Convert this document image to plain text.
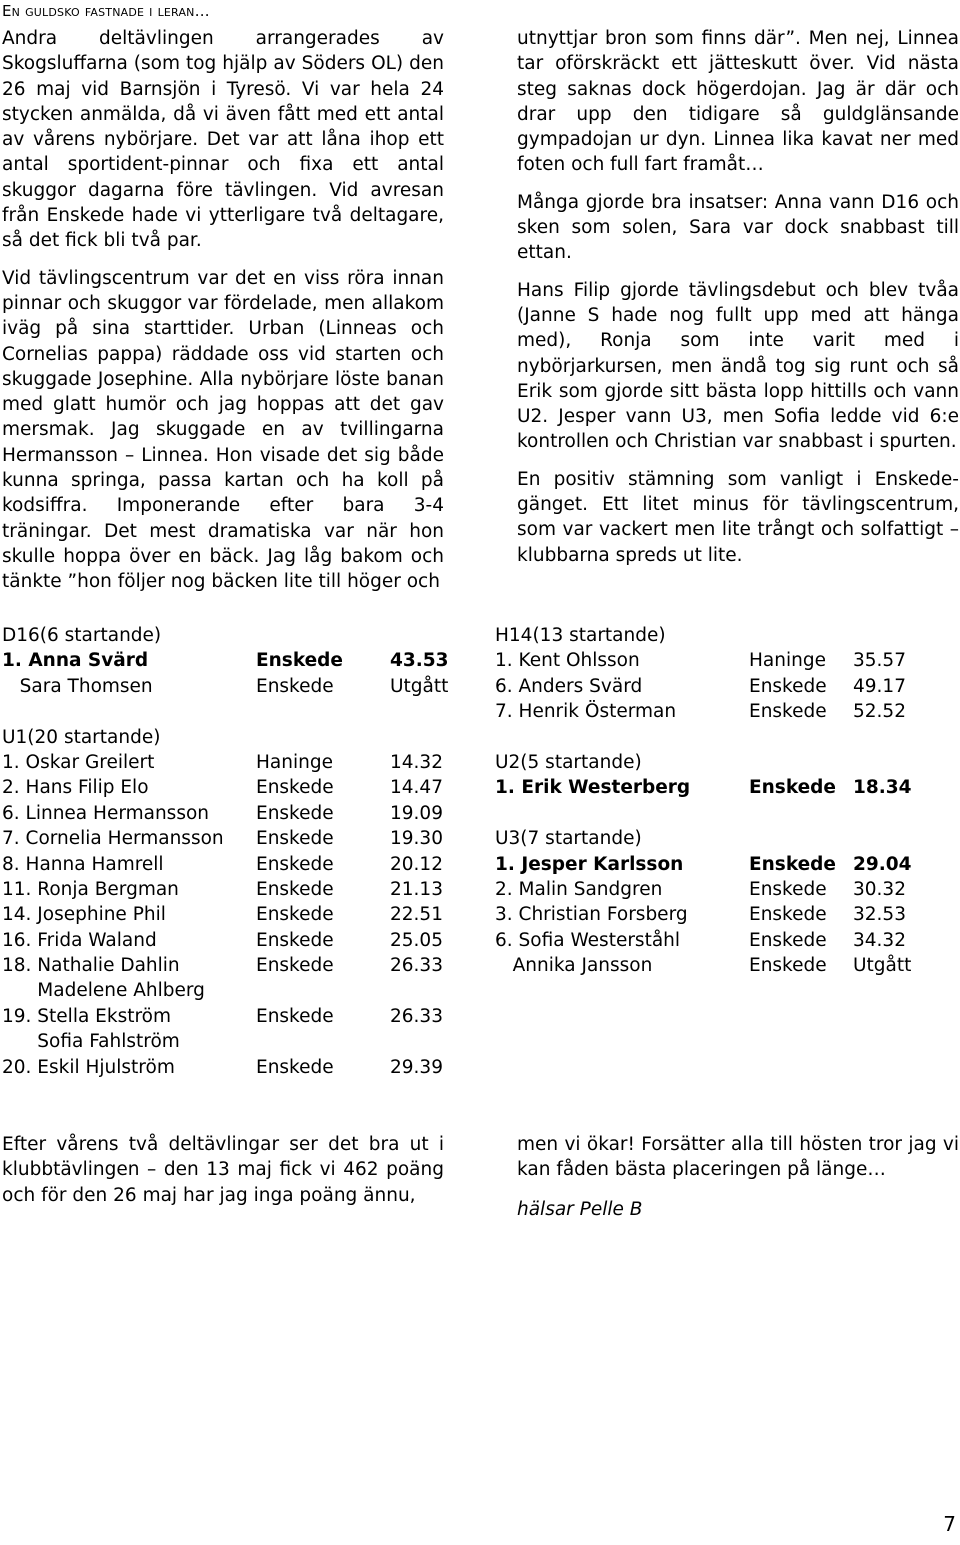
En guldsko fastnade i leran…

Andra deltävlingen arrangerades av Skogsluffarna (som tog hjälp av Söders OL) den 26 maj vid Barnsjön i Tyresö. Vi var hela 24 stycken anmälda, då vi även fått med ett antal av vårens nybörjare. Det var att låna ihop ett antal sportident-pinnar och fixa ett antal skuggor dagarna före tävlingen. Vid avresan från Enskede hade vi ytterligare två deltagare, så det fick bli två par.

Vid tävlingscentrum var det en viss röra innan pinnar och skuggor var fördelade, men allakom iväg på sina starttider. Urban (Linneas och Cornelias pappa) räddade oss vid starten och skuggade Josephine. Alla nybörjare löste banan med glatt humör och jag hoppas att det gav mersmak. Jag skuggade en av tvillingarna Hermansson – Linnea. Hon visade det sig både kunna springa, passa kartan och ha koll på kodsiffra. Imponerande efter bara 3-4 träningar. Det mest dramatiska var när hon skulle hoppa över en bäck. Jag låg bakom och tänkte ”hon följer nog bäcken lite till höger och

utnyttjar bron som finns där”. Men nej, Linnea tar oförskräckt ett jätteskutt över. Vid nästa steg saknas dock högerdojan. Jag är där och drar upp den tidigare så guldglänsande gympadojan ur dyn. Linnea lika kavat ner med foten och full fart framåt…

Många gjorde bra insatser: Anna vann D16 och sken som solen, Sara var dock snabbast till ettan.

Hans Filip gjorde tävlingsdebut och blev tvåa (Janne S hade nog fullt upp med att hänga med), Ronja som inte varit med i nybörjarkursen, men ändå tog sig runt och så Erik som gjorde sitt bästa lopp hittills och vann U2. Jesper vann U3, men Sofia ledde vid 6:e kontrollen och Christian var snabbast i spurten.

En positiv stämning som vanligt i Enskede-gänget. Ett litet minus för tävlingscentrum, som var vackert men lite trångt och solfattigt – klubbarna spreds ut lite.

D16(6 startande)
1. Anna Svärd	Enskede	43.53
Sara Thomsen	Enskede	Utgått
U1(20 startande)
1. Oskar Greilert	Haninge	14.32
2. Hans Filip Elo	Enskede	14.47
6. Linnea Hermansson	Enskede	19.09
7. Cornelia Hermansson Enskede	19.30
8. Hanna Hamrell	Enskede	20.12
11. Ronja Bergman	Enskede	21.13
14. Josephine Phil	Enskede	22.51
16. Frida Waland	Enskede	25.05
18. Nathalie Dahlin	Enskede	26.33
Madelene Ahlberg
19. Stella Ekström	Enskede	26.33
Sofia Fahlström
20. Eskil Hjulström	Enskede	29.39
H14(13 startande)
1. Kent Ohlsson	Haninge 35.57
6. Anders Svärd	Enskede 49.17
7. Henrik Österman	Enskede 52.52
U2(5 startande)
1. Erik Westerberg	Enskede 18.34
U3(7 startande)
1. Jesper Karlsson	Enskede 29.04
2. Malin Sandgren	Enskede 30.32
3. Christian Forsberg	Enskede 32.53
6. Sofia Westerståhl	Enskede 34.32
Annika Jansson	Enskede Utgått

Efter vårens två deltävlingar ser det bra ut i klubbtävlingen – den 13 maj fick vi 462 poäng och för den 26 maj har jag inga poäng ännu,

men vi ökar! Forsätter alla till hösten tror jag vi kan fåden bästa placeringen på länge…

hälsar Pelle B

7
